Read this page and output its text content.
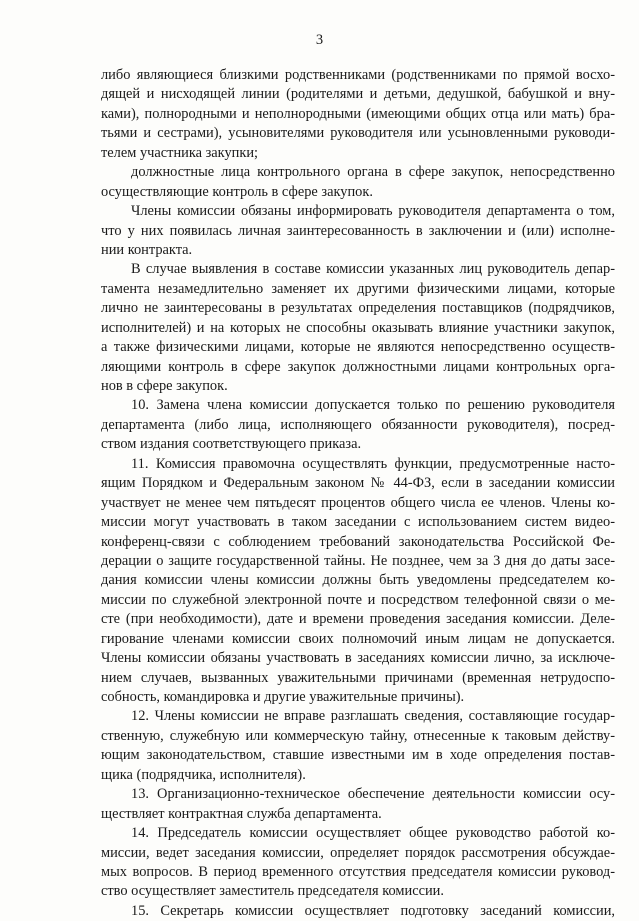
3
либо являющиеся близкими родственниками (родственниками по прямой восхо-
дящей и нисходящей линии (родителями и детьми, дедушкой, бабушкой и вну-
ками), полнородными и неполнородными (имеющими общих отца или мать) бра-
тьями и сестрами), усыновителями руководителя или усыновленными руководи-
телем участника закупки;
должностные лица контрольного органа в сфере закупок, непосредственно
осуществляющие контроль в сфере закупок.
Члены комиссии обязаны информировать руководителя департамента о том,
что у них появилась личная заинтересованность в заключении и (или) исполне-
нии контракта.
В случае выявления в составе комиссии указанных лиц руководитель депар-
тамента незамедлительно заменяет их другими физическими лицами, которые
лично не заинтересованы в результатах определения поставщиков (подрядчиков,
исполнителей) и на которых не способны оказывать влияние участники закупок,
а также физическими лицами, которые не являются непосредственно осуществ-
ляющими контроль в сфере закупок должностными лицами контрольных орга-
нов в сфере закупок.
10. Замена члена комиссии допускается только по решению руководителя
департамента (либо лица, исполняющего обязанности руководителя), посред-
ством издания соответствующего приказа.
11. Комиссия правомочна осуществлять функции, предусмотренные насто-
ящим Порядком и Федеральным законом № 44-ФЗ, если в заседании комиссии
участвует не менее чем пятьдесят процентов общего числа ее членов. Члены ко-
миссии могут участвовать в таком заседании с использованием систем видео-
конференц-связи с соблюдением требований законодательства Российской Фе-
дерации о защите государственной тайны. Не позднее, чем за 3 дня до даты засе-
дания комиссии члены комиссии должны быть уведомлены председателем ко-
миссии по служебной электронной почте и посредством телефонной связи о ме-
сте (при необходимости), дате и времени проведения заседания комиссии. Деле-
гирование членами комиссии своих полномочий иным лицам не допускается.
Члены комиссии обязаны участвовать в заседаниях комиссии лично, за исключе-
нием случаев, вызванных уважительными причинами (временная нетрудоспо-
собность, командировка и другие уважительные причины).
12. Члены комиссии не вправе разглашать сведения, составляющие государ-
ственную, служебную или коммерческую тайну, отнесенные к таковым действу-
ющим законодательством, ставшие известными им в ходе определения постав-
щика (подрядчика, исполнителя).
13. Организационно-техническое обеспечение деятельности комиссии осу-
ществляет контрактная служба департамента.
14. Председатель комиссии осуществляет общее руководство работой ко-
миссии, ведет заседания комиссии, определяет порядок рассмотрения обсуждае-
мых вопросов. В период временного отсутствия председателя комиссии руковод-
ство осуществляет заместитель председателя комиссии.
15. Секретарь комиссии осуществляет подготовку заседаний комиссии,
